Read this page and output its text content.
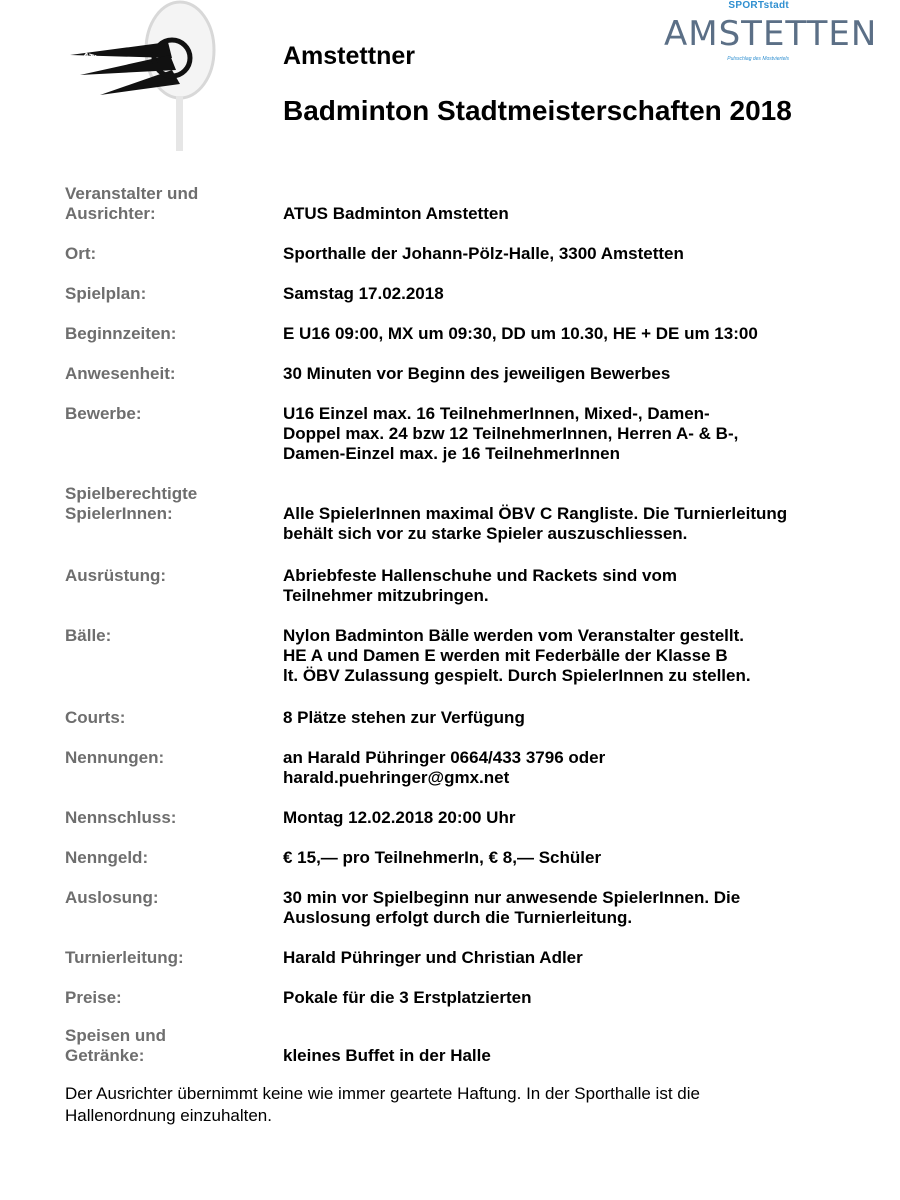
ATUS
Amstetten
SPORTstadt
AMSTETTEN
Pulsschlag des Mostviertels
Amstettner
Badminton Stadtmeisterschaften 2018
Veranstalter und
Ausrichter:	ATUS Badminton Amstetten
Ort:	Sporthalle der Johann-Pölz-Halle, 3300 Amstetten
Spielplan:	Samstag 17.02.2018
Beginnzeiten:	E U16 09:00, MX um 09:30, DD um 10.30, HE + DE um 13:00
Anwesenheit:	30 Minuten vor Beginn des jeweiligen Bewerbes
Bewerbe:	U16 Einzel max. 16 TeilnehmerInnen, Mixed-, Damen-
Doppel max. 24 bzw 12 TeilnehmerInnen, Herren A- & B-,
Damen-Einzel max. je 16 TeilnehmerInnen
Spielberechtigte
SpielerInnen:	Alle SpielerInnen maximal ÖBV C Rangliste. Die Turnierleitung
behält sich vor zu starke Spieler auszuschliessen.
Ausrüstung:	Abriebfeste Hallenschuhe und Rackets sind vom
Teilnehmer mitzubringen.
Bälle:	Nylon Badminton Bälle werden vom Veranstalter gestellt.
HE A und Damen E werden mit Federbälle der Klasse B
lt. ÖBV Zulassung gespielt. Durch SpielerInnen zu stellen.
Courts:	8 Plätze stehen zur Verfügung
Nennungen:	an Harald Pühringer 0664/433 3796 oder
harald.puehringer@gmx.net
Nennschluss:	Montag 12.02.2018 20:00 Uhr
Nenngeld:	€ 15,— pro TeilnehmerIn, € 8,— Schüler
Auslosung:	30 min vor Spielbeginn nur anwesende SpielerInnen. Die
Auslosung erfolgt durch die Turnierleitung.
Turnierleitung:	Harald Pühringer und Christian Adler
Preise:	Pokale für die 3 Erstplatzierten
Speisen und
Getränke:	kleines Buffet in der Halle
Der Ausrichter übernimmt keine wie immer geartete Haftung. In der Sporthalle ist die
Hallenordnung einzuhalten.
